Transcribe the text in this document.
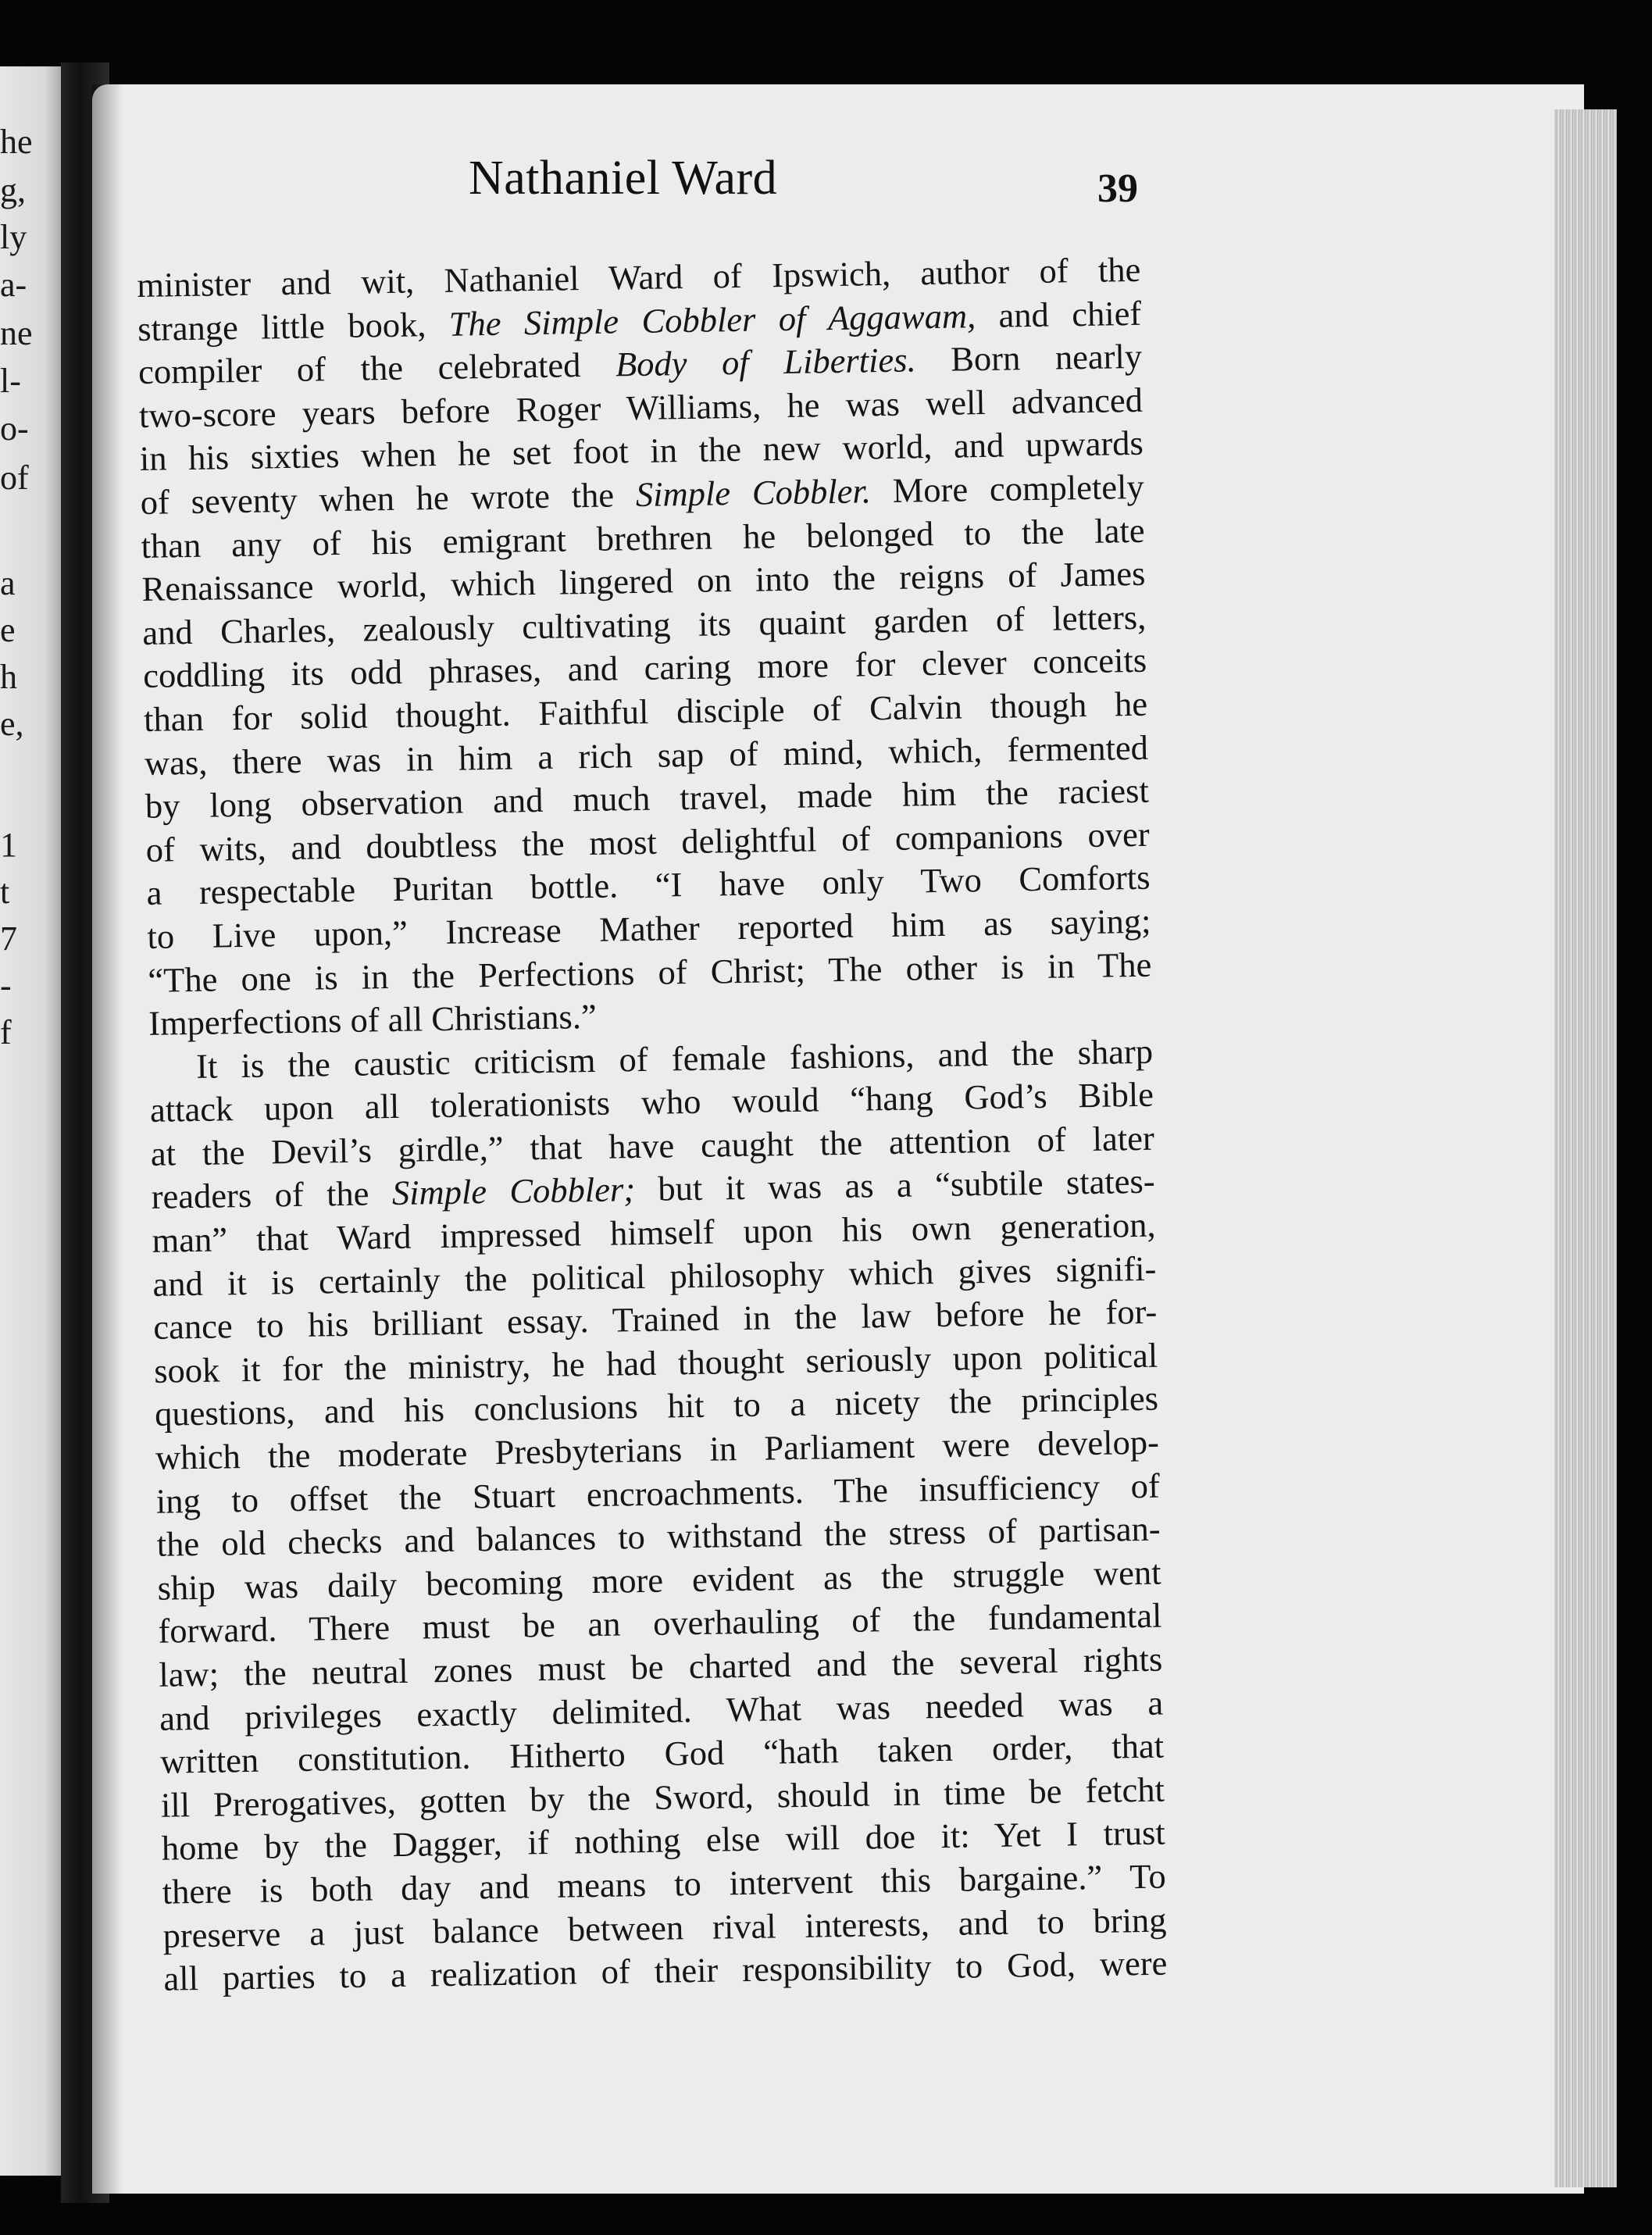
he
g,
ly
a-
ne
l-
o-
of
a
e
h
e,
1
t
7
-
f
Nathaniel Ward	39
minister and wit, Nathaniel Ward of Ipswich, author of the
strange little book, The Simple Cobbler of Aggawam, and chief
compiler of the celebrated Body of Liberties. Born nearly
two-score years before Roger Williams, he was well advanced
in his sixties when he set foot in the new world, and upwards
of seventy when he wrote the Simple Cobbler. More completely
than any of his emigrant brethren he belonged to the late
Renaissance world, which lingered on into the reigns of James
and Charles, zealously cultivating its quaint garden of letters,
coddling its odd phrases, and caring more for clever conceits
than for solid thought. Faithful disciple of Calvin though he
was, there was in him a rich sap of mind, which, fermented
by long observation and much travel, made him the raciest
of wits, and doubtless the most delightful of companions over
a respectable Puritan bottle. “I have only Two Comforts
to Live upon,” Increase Mather reported him as saying;
“The one is in the Perfections of Christ; The other is in The
Imperfections of all Christians.”
It is the caustic criticism of female fashions, and the sharp
attack upon all tolerationists who would “hang God’s Bible
at the Devil’s girdle,” that have caught the attention of later
readers of the Simple Cobbler; but it was as a “subtile states-
man” that Ward impressed himself upon his own generation,
and it is certainly the political philosophy which gives signifi-
cance to his brilliant essay. Trained in the law before he for-
sook it for the ministry, he had thought seriously upon political
questions, and his conclusions hit to a nicety the principles
which the moderate Presbyterians in Parliament were develop-
ing to offset the Stuart encroachments. The insufficiency of
the old checks and balances to withstand the stress of partisan-
ship was daily becoming more evident as the struggle went
forward. There must be an overhauling of the fundamental
law; the neutral zones must be charted and the several rights
and privileges exactly delimited. What was needed was a
written constitution. Hitherto God “hath taken order, that
ill Prerogatives, gotten by the Sword, should in time be fetcht
home by the Dagger, if nothing else will doe it: Yet I trust
there is both day and means to intervent this bargaine.” To
preserve a just balance between rival interests, and to bring
all parties to a realization of their responsibility to God, were
